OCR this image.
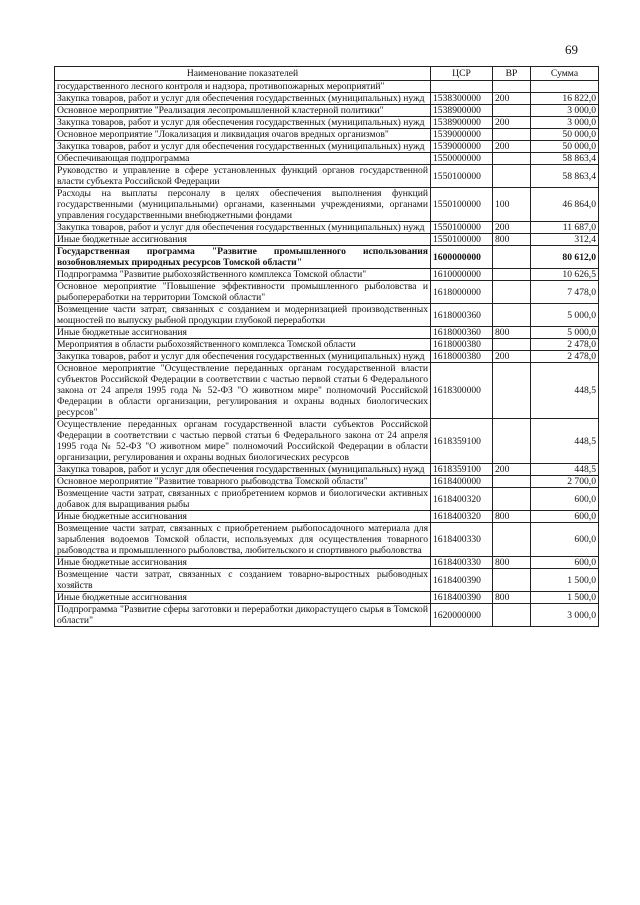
69
Наименование показателей	ЦСР	ВР	Сумма
государственного лесного контроля и надзора, противопожарных мероприятий"			
Закупка товаров, работ и услуг для обеспечения государственных (муниципальных) нужд	1538300000	200	16 822,0
Основное мероприятие "Реализация лесопромышленной кластерной политики"	1538900000		3 000,0
Закупка товаров, работ и услуг для обеспечения государственных (муниципальных) нужд	1538900000	200	3 000,0
Основное мероприятие "Локализация и ликвидация очагов вредных организмов"	1539000000		50 000,0
Закупка товаров, работ и услуг для обеспечения государственных (муниципальных) нужд	1539000000	200	50 000,0
Обеспечивающая подпрограмма	1550000000		58 863,4
Руководство и управление в сфере установленных функций органов государственной власти субъекта Российской Федерации	1550100000		58 863,4
Расходы на выплаты персоналу в целях обеспечения выполнения функций государственными (муниципальными) органами, казенными учреждениями, органами управления государственными внебюджетными фондами	1550100000	100	46 864,0
Закупка товаров, работ и услуг для обеспечения государственных (муниципальных) нужд	1550100000	200	11 687,0
Иные бюджетные ассигнования	1550100000	800	312,4
Государственная программа "Развитие промышленного использования возобновляемых природных ресурсов Томской области"	1600000000		80 612,0
Подпрограмма "Развитие рыбохозяйственного комплекса Томской области"	1610000000		10 626,5
Основное мероприятие "Повышение эффективности промышленного рыболовства и рыбопереработки на территории Томской области"	1618000000		7 478,0
Возмещение части затрат, связанных с созданием и модернизацией производственных мощностей по выпуску рыбной продукции глубокой переработки	1618000360		5 000,0
Иные бюджетные ассигнования	1618000360	800	5 000,0
Мероприятия в области рыбохозяйственного комплекса Томской области	1618000380		2 478,0
Закупка товаров, работ и услуг для обеспечения государственных (муниципальных) нужд	1618000380	200	2 478,0
Основное мероприятие "Осуществление переданных органам государственной власти субъектов Российской Федерации в соответствии с частью первой статьи 6 Федерального закона от 24 апреля 1995 года № 52-ФЗ "О животном мире" полномочий Российской Федерации в области организации, регулирования и охраны водных биологических ресурсов"	1618300000		448,5
Осуществление переданных органам государственной власти субъектов Российской Федерации в соответствии с частью первой статьи 6 Федерального закона от 24 апреля 1995 года № 52-ФЗ "О животном мире" полномочий Российской Федерации в области организации, регулирования и охраны водных биологических ресурсов	1618359100		448,5
Закупка товаров, работ и услуг для обеспечения государственных (муниципальных) нужд	1618359100	200	448,5
Основное мероприятие "Развитие товарного рыбоводства Томской области"	1618400000		2 700,0
Возмещение части затрат, связанных с приобретением кормов и биологически активных добавок для выращивания рыбы	1618400320		600,0
Иные бюджетные ассигнования	1618400320	800	600,0
Возмещение части затрат, связанных с приобретением рыбопосадочного материала для зарыбления водоемов Томской области, используемых для осуществления товарного рыбоводства и промышленного рыболовства, любительского и спортивного рыболовства	1618400330		600,0
Иные бюджетные ассигнования	1618400330	800	600,0
Возмещение части затрат, связанных с созданием товарно-выростных рыбоводных хозяйств	1618400390		1 500,0
Иные бюджетные ассигнования	1618400390	800	1 500,0
Подпрограмма "Развитие сферы заготовки и переработки дикорастущего сырья в Томской области"	1620000000		3 000,0
